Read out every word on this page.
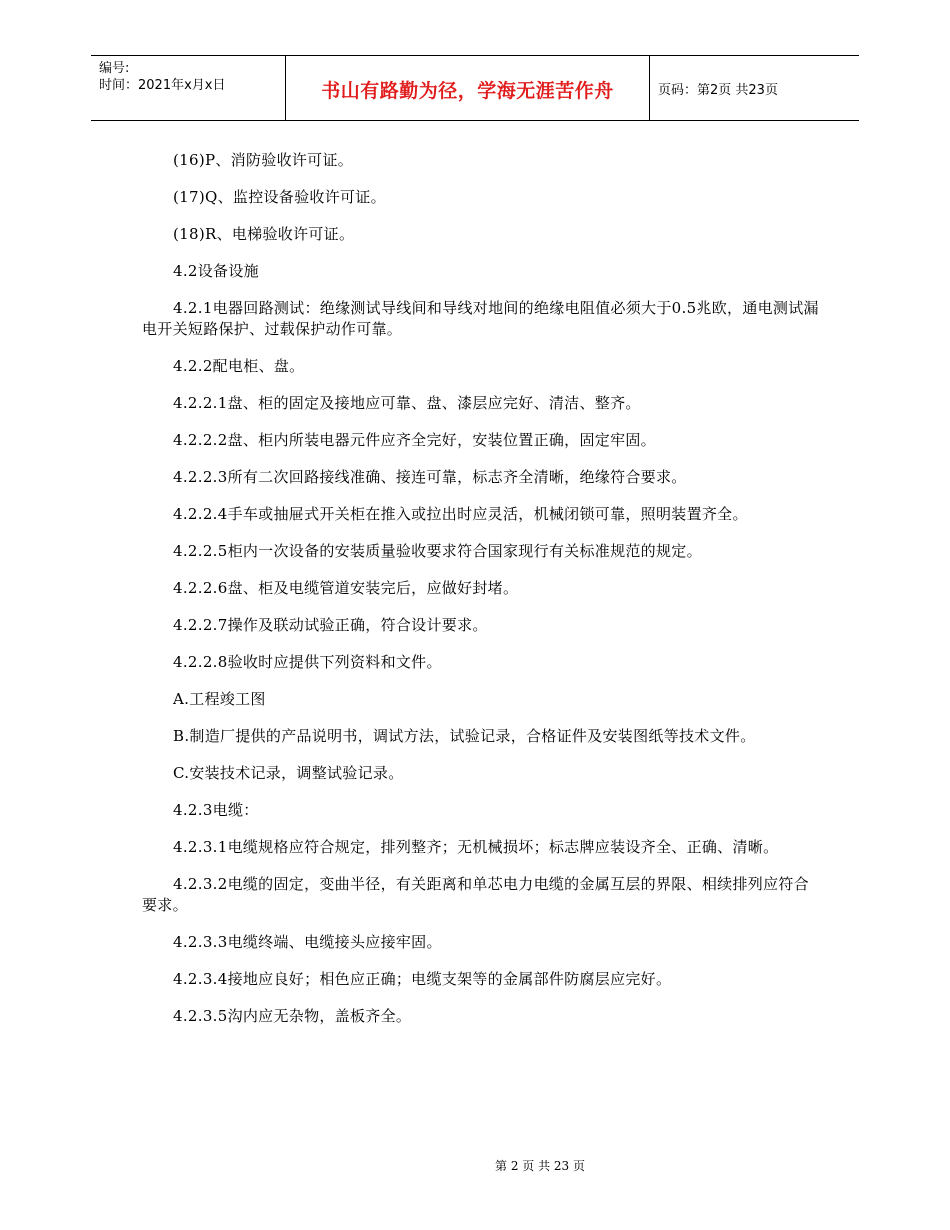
编号:
时间：2021年x月x日	书山有路勤为径，学海无涯苦作舟	页码：第2页 共23页

(16)P、消防验收许可证。

(17)Q、监控设备验收许可证。

(18)R、电梯验收许可证。

4.2设备设施

4.2.1电器回路测试：绝缘测试导线间和导线对地间的绝缘电阻值必须大于0.5兆欧，通电测试漏电开关短路保护、过载保护动作可靠。

4.2.2配电柜、盘。

4.2.2.1盘、柜的固定及接地应可靠、盘、漆层应完好、清洁、整齐。

4.2.2.2盘、柜内所装电器元件应齐全完好，安装位置正确，固定牢固。

4.2.2.3所有二次回路接线准确、接连可靠，标志齐全清晰，绝缘符合要求。

4.2.2.4手车或抽屉式开关柜在推入或拉出时应灵活，机械闭锁可靠，照明装置齐全。

4.2.2.5柜内一次设备的安装质量验收要求符合国家现行有关标准规范的规定。

4.2.2.6盘、柜及电缆管道安装完后，应做好封堵。

4.2.2.7操作及联动试验正确，符合设计要求。

4.2.2.8验收时应提供下列资料和文件。

A.工程竣工图

B.制造厂提供的产品说明书，调试方法，试验记录，合格证件及安装图纸等技术文件。

C.安装技术记录，调整试验记录。

4.2.3电缆：

4.2.3.1电缆规格应符合规定，排列整齐；无机械损坏；标志牌应装设齐全、正确、清晰。

4.2.3.2电缆的固定，变曲半径，有关距离和单芯电力电缆的金属互层的界限、相续排列应符合要求。

4.2.3.3电缆终端、电缆接头应接牢固。

4.2.3.4接地应良好；相色应正确；电缆支架等的金属部件防腐层应完好。

4.2.3.5沟内应无杂物，盖板齐全。

第 2 页 共 23 页
